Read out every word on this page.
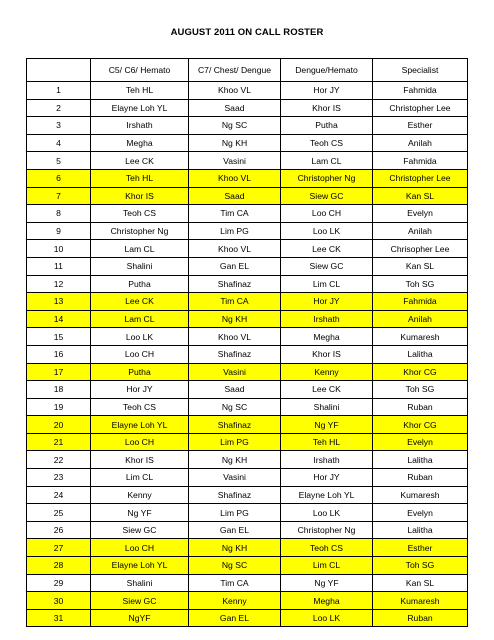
AUGUST 2011 ON CALL ROSTER
	C5/ C6/ Hemato	C7/ Chest/ Dengue	Dengue/Hemato	Specialist
1	Teh HL	Khoo VL	Hor JY	Fahmida
2	Elayne Loh YL	Saad	Khor IS	Christopher Lee
3	Irshath	Ng SC	Putha	Esther
4	Megha	Ng KH	Teoh CS	Anilah
5	Lee CK	Vasini	Lam CL	Fahmida
6	Teh HL	Khoo VL	Christopher Ng	Christopher Lee
7	Khor IS	Saad	Siew GC	Kan SL
8	Teoh CS	Tim CA	Loo CH	Evelyn
9	Christopher Ng	Lim PG	Loo LK	Anilah
10	Lam CL	Khoo VL	Lee CK	Chrisopher Lee
11	Shalini	Gan EL	Siew GC	Kan SL
12	Putha	Shafinaz	Lim CL	Toh SG
13	Lee CK	Tim CA	Hor JY	Fahmida
14	Lam CL	Ng KH	Irshath	Anilah
15	Loo LK	Khoo VL	Megha	Kumaresh
16	Loo CH	Shafinaz	Khor IS	Lalitha
17	Putha	Vasini	Kenny	Khor CG
18	Hor JY	Saad	Lee CK	Toh SG
19	Teoh CS	Ng SC	Shalini	Ruban
20	Elayne Loh YL	Shafinaz	Ng YF	Khor CG
21	Loo CH	Lim PG	Teh HL	Evelyn
22	Khor IS	Ng KH	Irshath	Lalitha
23	Lim CL	Vasini	Hor JY	Ruban
24	Kenny	Shafinaz	Elayne Loh YL	Kumaresh
25	Ng YF	Lim PG	Loo LK	Evelyn
26	Siew GC	Gan EL	Christopher Ng	Lalitha
27	Loo CH	Ng KH	Teoh CS	Esther
28	Elayne Loh YL	Ng SC	Lim CL	Toh SG
29	Shalini	Tim CA	Ng YF	Kan SL
30	Siew GC	Kenny	Megha	Kumaresh
31	NgYF	Gan EL	Loo LK	Ruban
